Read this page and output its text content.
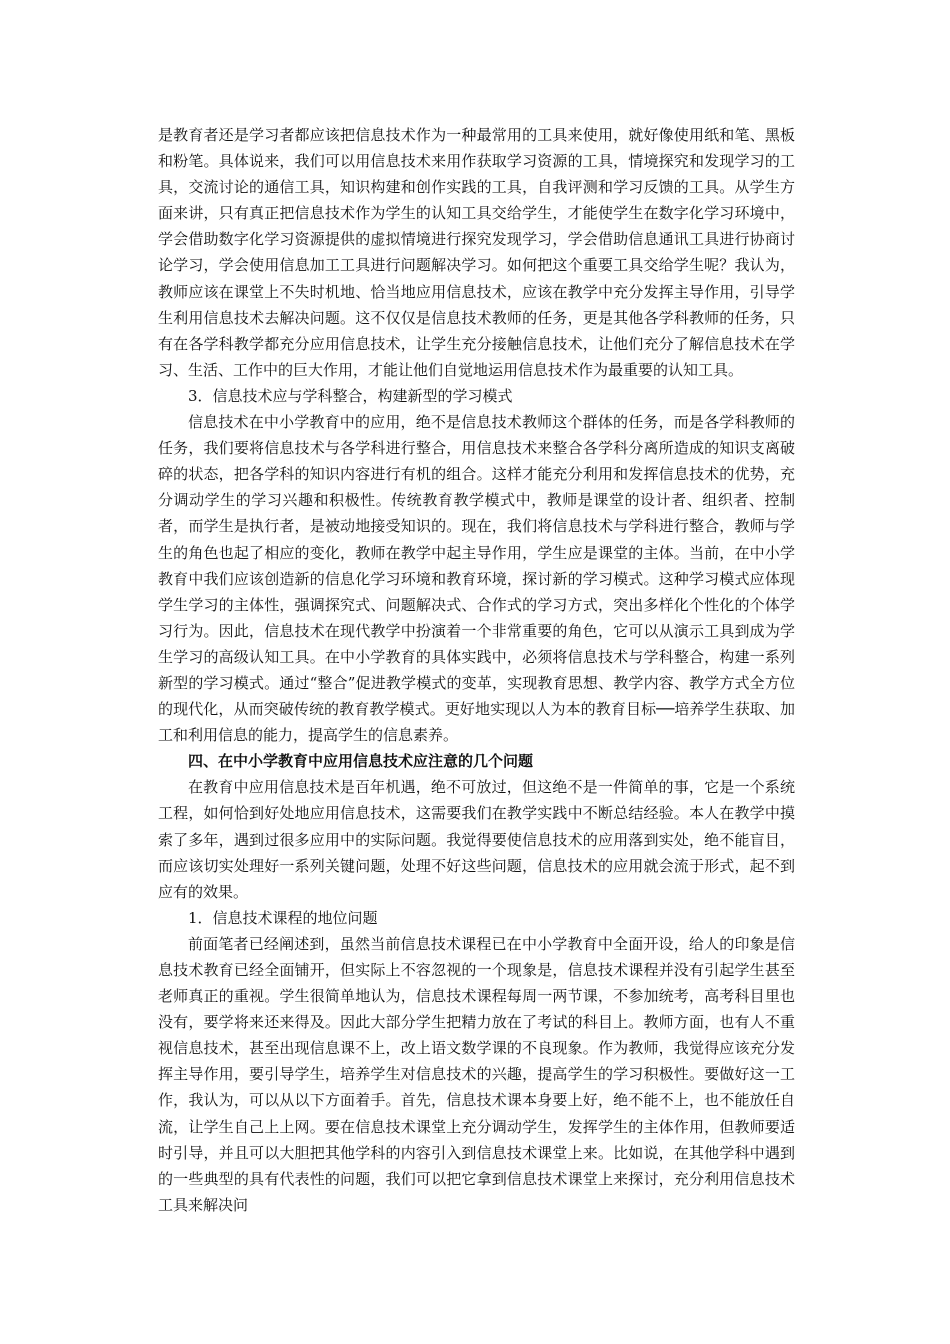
是教育者还是学习者都应该把信息技术作为一种最常用的工具来使用，就好像使用纸和笔、黑板和粉笔。具体说来，我们可以用信息技术来用作获取学习资源的工具，情境探究和发现学习的工具，交流讨论的通信工具，知识构建和创作实践的工具，自我评测和学习反馈的工具。从学生方面来讲，只有真正把信息技术作为学生的认知工具交给学生，才能使学生在数字化学习环境中，学会借助数字化学习资源提供的虚拟情境进行探究发现学习，学会借助信息通讯工具进行协商讨论学习，学会使用信息加工工具进行问题解决学习。如何把这个重要工具交给学生呢？我认为，教师应该在课堂上不失时机地、恰当地应用信息技术，应该在教学中充分发挥主导作用，引导学生利用信息技术去解决问题。这不仅仅是信息技术教师的任务，更是其他各学科教师的任务，只有在各学科教学都充分应用信息技术，让学生充分接触信息技术，让他们充分了解信息技术在学习、生活、工作中的巨大作用，才能让他们自觉地运用信息技术作为最重要的认知工具。

3．信息技术应与学科整合，构建新型的学习模式

信息技术在中小学教育中的应用，绝不是信息技术教师这个群体的任务，而是各学科教师的任务，我们要将信息技术与各学科进行整合，用信息技术来整合各学科分离所造成的知识支离破碎的状态，把各学科的知识内容进行有机的组合。这样才能充分利用和发挥信息技术的优势，充分调动学生的学习兴趣和积极性。传统教育教学模式中，教师是课堂的设计者、组织者、控制者，而学生是执行者，是被动地接受知识的。现在，我们将信息技术与学科进行整合，教师与学生的角色也起了相应的变化，教师在教学中起主导作用，学生应是课堂的主体。当前，在中小学教育中我们应该创造新的信息化学习环境和教育环境，探讨新的学习模式。这种学习模式应体现学生学习的主体性，强调探究式、问题解决式、合作式的学习方式，突出多样化个性化的个体学习行为。因此，信息技术在现代教学中扮演着一个非常重要的角色，它可以从演示工具到成为学生学习的高级认知工具。在中小学教育的具体实践中，必须将信息技术与学科整合，构建一系列新型的学习模式。通过“整合”促进教学模式的变革，实现教育思想、教学内容、教学方式全方位的现代化，从而突破传统的教育教学模式。更好地实现以人为本的教育目标──培养学生获取、加工和利用信息的能力，提高学生的信息素养。

四、在中小学教育中应用信息技术应注意的几个问题

在教育中应用信息技术是百年机遇，绝不可放过，但这绝不是一件简单的事，它是一个系统工程，如何恰到好处地应用信息技术，这需要我们在教学实践中不断总结经验。本人在教学中摸索了多年，遇到过很多应用中的实际问题。我觉得要使信息技术的应用落到实处，绝不能盲目，而应该切实处理好一系列关键问题，处理不好这些问题，信息技术的应用就会流于形式，起不到应有的效果。

1．信息技术课程的地位问题

前面笔者已经阐述到，虽然当前信息技术课程已在中小学教育中全面开设，给人的印象是信息技术教育已经全面铺开，但实际上不容忽视的一个现象是，信息技术课程并没有引起学生甚至老师真正的重视。学生很简单地认为，信息技术课程每周一两节课，不参加统考，高考科目里也没有，要学将来还来得及。因此大部分学生把精力放在了考试的科目上。教师方面，也有人不重视信息技术，甚至出现信息课不上，改上语文数学课的不良现象。作为教师，我觉得应该充分发挥主导作用，要引导学生，培养学生对信息技术的兴趣，提高学生的学习积极性。要做好这一工作，我认为，可以从以下方面着手。首先，信息技术课本身要上好，绝不能不上，也不能放任自流，让学生自己上上网。要在信息技术课堂上充分调动学生，发挥学生的主体作用，但教师要适时引导，并且可以大胆把其他学科的内容引入到信息技术课堂上来。比如说，在其他学科中遇到的一些典型的具有代表性的问题，我们可以把它拿到信息技术课堂上来探讨，充分利用信息技术工具来解决问
